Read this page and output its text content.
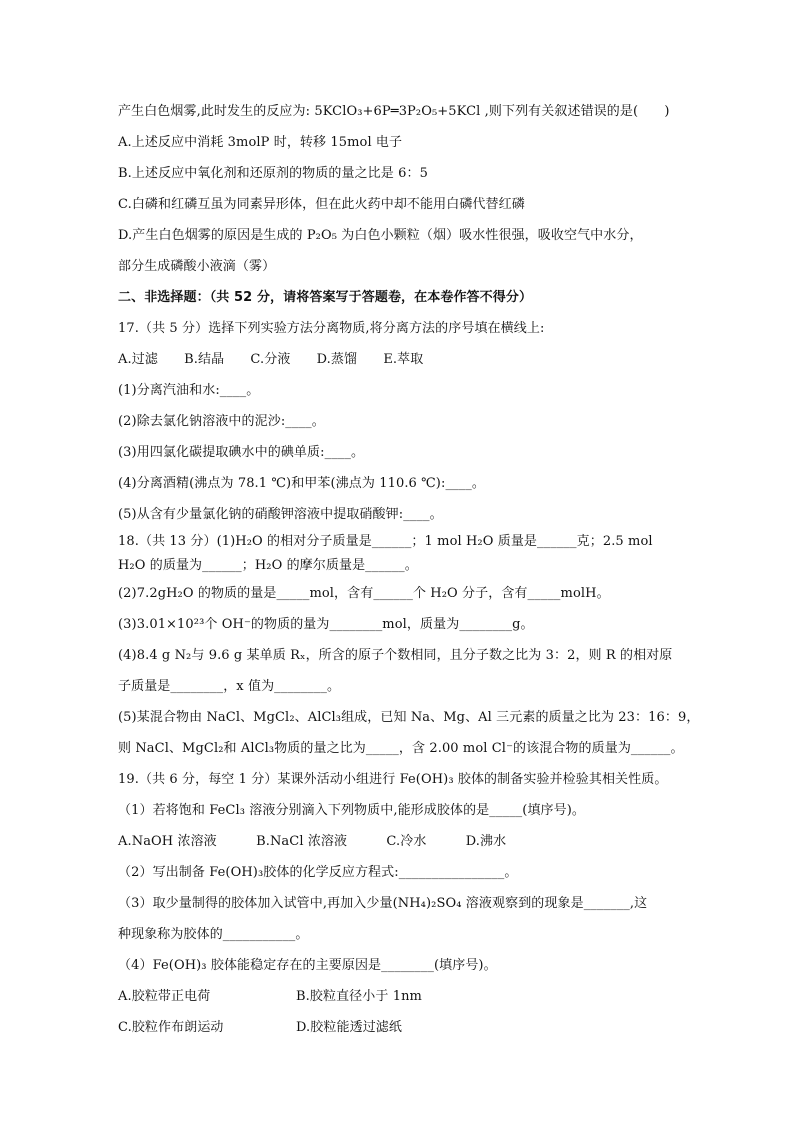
产生白色烟雾,此时发生的反应为: 5KClO₃+6P═3P₂O₅+5KCl ,则下列有关叙述错误的是(　　)
A.上述反应中消耗 3molP 时，转移 15mol 电子
B.上述反应中氧化剂和还原剂的物质的量之比是 6：5
C.白磷和红磷互虽为同素异形体，但在此火药中却不能用白磷代替红磷
D.产生白色烟雾的原因是生成的 P₂O₅ 为白色小颗粒（烟）吸水性很强，吸收空气中水分，
部分生成磷酸小液滴（雾）
二、非选择题：（共 52 分，请将答案写于答题卷，在本卷作答不得分）
17.（共 5 分）选择下列实验方法分离物质,将分离方法的序号填在横线上:
A.过滤　　B.结晶　　C.分液　　D.蒸馏　　E.萃取
(1)分离汽油和水:____。
(2)除去氯化钠溶液中的泥沙:____。
(3)用四氯化碳提取碘水中的碘单质:____。
(4)分离酒精(沸点为 78.1 ℃)和甲苯(沸点为 110.6 ℃):____。
(5)从含有少量氯化钠的硝酸钾溶液中提取硝酸钾:____。
18.（共 13 分）(1)H₂O 的相对分子质量是______；1 mol H₂O 质量是______克；2.5 mol
H₂O 的质量为______；H₂O 的摩尔质量是______。
(2)7.2gH₂O 的物质的量是_____mol，含有______个 H₂O 分子，含有_____molH。
(3)3.01×10²³个 OH⁻的物质的量为________mol，质量为________g。
(4)8.4 g N₂与 9.6 g 某单质 Rₓ，所含的原子个数相同，且分子数之比为 3：2，则 R 的相对原
子质量是________，x 值为________。
(5)某混合物由 NaCl、MgCl₂、AlCl₃组成，已知 Na、Mg、Al 三元素的质量之比为 23：16：9，
则 NaCl、MgCl₂和 AlCl₃物质的量之比为_____，含 2.00 mol Cl⁻的该混合物的质量为______。
19.（共 6 分，每空 1 分）某课外活动小组进行 Fe(OH)₃ 胶体的制备实验并检验其相关性质。
（1）若将饱和 FeCl₃ 溶液分别滴入下列物质中,能形成胶体的是_____(填序号)。
A.NaOH 浓溶液　　　B.NaCl 浓溶液　　　C.冷水　　　D.沸水
（2）写出制备 Fe(OH)₃胶体的化学反应方程式:________________。
（3）取少量制得的胶体加入试管中,再加入少量(NH₄)₂SO₄ 溶液观察到的现象是_______,这
种现象称为胶体的___________。
（4）Fe(OH)₃ 胶体能稳定存在的主要原因是________(填序号)。
A.胶粒带正电荷	B.胶粒直径小于 1nm
C.胶粒作布朗运动	D.胶粒能透过滤纸
